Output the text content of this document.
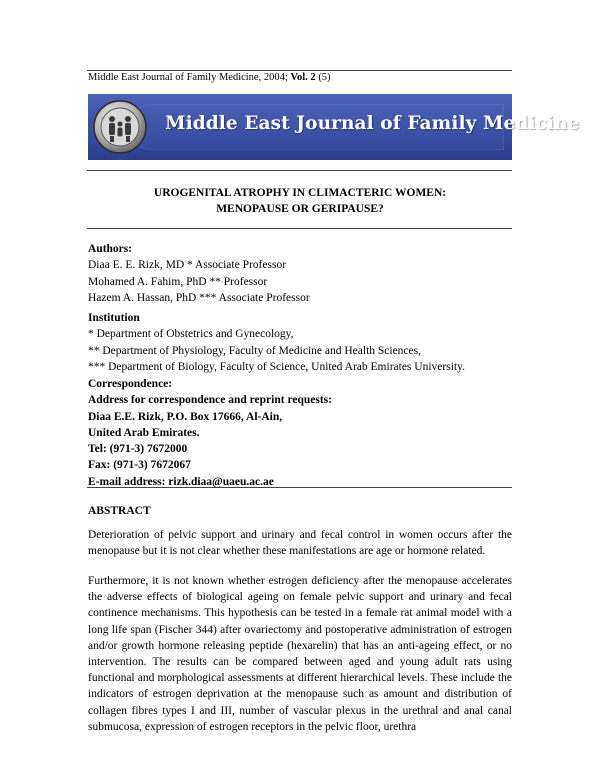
Middle East Journal of Family Medicine, 2004; Vol. 2 (5)
Middle East Journal of Family Medicine
UROGENITAL ATROPHY IN CLIMACTERIC WOMEN:
MENOPAUSE OR GERIPAUSE?
Authors:
Diaa E. E. Rizk, MD * Associate Professor
Mohamed A. Fahim, PhD ** Professor
Hazem A. Hassan, PhD *** Associate Professor
Institution
* Department of Obstetrics and Gynecology,
** Department of Physiology, Faculty of Medicine and Health Sciences,
*** Department of Biology, Faculty of Science, United Arab Emirates University.
Correspondence:
Address for correspondence and reprint requests:
Diaa E.E. Rizk, P.O. Box 17666, Al-Ain,
United Arab Emirates.
Tel: (971-3) 7672000
Fax: (971-3) 7672067
E-mail address: rizk.diaa@uaeu.ac.ae
ABSTRACT
Deterioration of pelvic support and urinary and fecal control in women occurs after the menopause but it is not clear whether these manifestations are age or hormone related.
Furthermore, it is not known whether estrogen deficiency after the menopause accelerates the adverse effects of biological ageing on female pelvic support and urinary and fecal continence mechanisms. This hypothesis can be tested in a female rat animal model with a long life span (Fischer 344) after ovariectomy and postoperative administration of estrogen and/or growth hormone releasing peptide (hexarelin) that has an anti-ageing effect, or no intervention. The results can be compared between aged and young adult rats using functional and morphological assessments at different hierarchical levels. These include the indicators of estrogen deprivation at the menopause such as amount and distribution of collagen fibres types I and III, number of vascular plexus in the urethral and anal canal submucosa, expression of estrogen receptors in the pelvic floor, urethra
